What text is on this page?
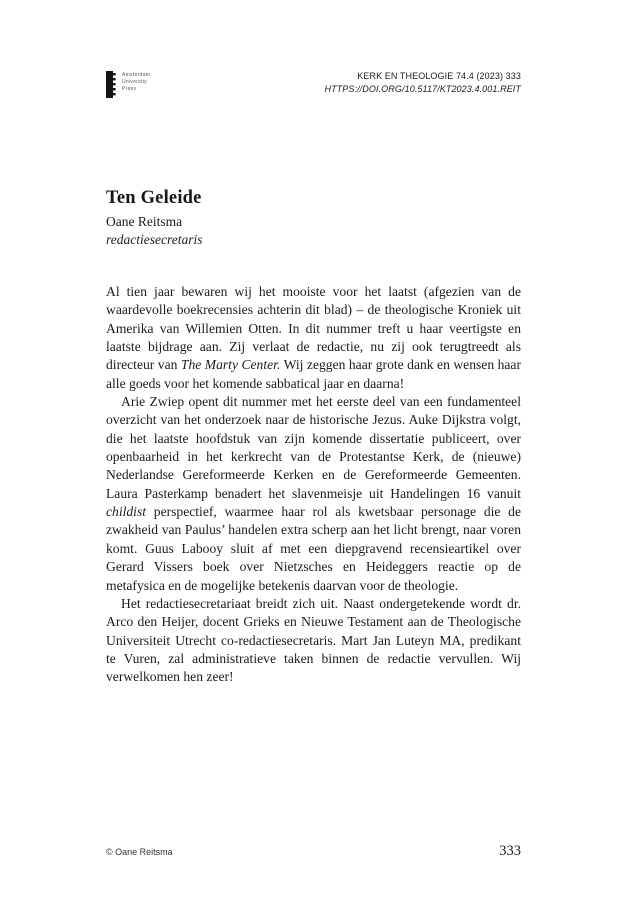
Amsterdam
University
Press
KERK EN THEOLOGIE 74.4 (2023) 333
HTTPS://DOI.ORG/10.5117/KT2023.4.001.REIT
Ten Geleide
Oane Reitsma
redactiesecretaris

Al tien jaar bewaren wij het mooiste voor het laatst (afgezien van de waardevolle boekrecensies achterin dit blad) – de theologische Kroniek uit Amerika van Willemien Otten. In dit nummer treft u haar veertigste en laatste bijdrage aan. Zij verlaat de redactie, nu zij ook terugtreedt als directeur van The Marty Center. Wij zeggen haar grote dank en wensen haar alle goeds voor het komende sabbatical jaar en daarna!

Arie Zwiep opent dit nummer met het eerste deel van een fundamenteel overzicht van het onderzoek naar de historische Jezus. Auke Dijkstra volgt, die het laatste hoofdstuk van zijn komende dissertatie publiceert, over openbaarheid in het kerkrecht van de Protestantse Kerk, de (nieuwe) Nederlandse Gereformeerde Kerken en de Gereformeerde Gemeenten. Laura Pasterkamp benadert het slavenmeisje uit Handelingen 16 vanuit childist perspectief, waarmee haar rol als kwetsbaar personage die de zwakheid van Paulus’ handelen extra scherp aan het licht brengt, naar voren komt. Guus Labooy sluit af met een diepgravend recensieartikel over Gerard Vissers boek over Nietzsches en Heideggers reactie op de metafysica en de mogelijke betekenis daarvan voor de theologie.

Het redactiesecretariaat breidt zich uit. Naast ondergetekende wordt dr. Arco den Heijer, docent Grieks en Nieuwe Testament aan de Theologische Universiteit Utrecht co-redactiesecretaris. Mart Jan Luteyn MA, predikant te Vuren, zal administratieve taken binnen de redactie vervullen. Wij verwelkomen hen zeer!

© Oane Reitsma	333
